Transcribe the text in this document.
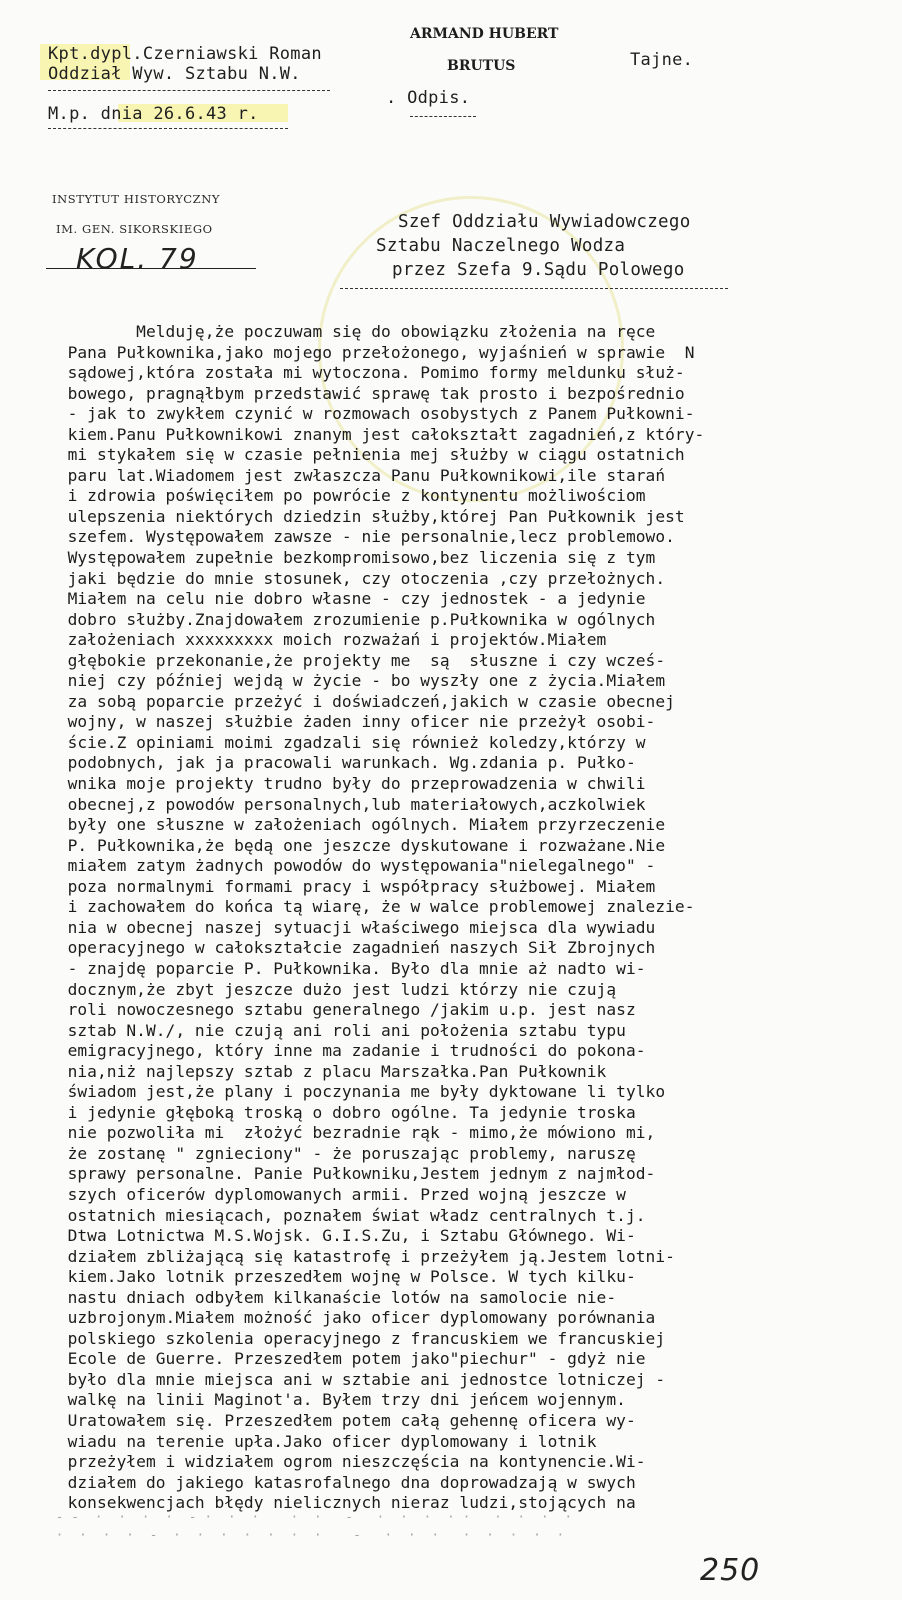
Kpt.dypl.Czerniawski Roman
Oddział Wyw. Sztabu N.W.
M.p. dnia 26.6.43 r.
ARMAND HUBERT
BRUTUS
. Odpis.
Tajne.
INSTYTUT HISTORYCZNY
IM. GEN. SIKORSKIEGO
KOL. 79
Szef Oddziału Wywiadowczego
Sztabu Naczelnego Wodza
przez Szefa 9.Sądu Polowego
Melduję,że poczuwam się do obowiązku złożenia na ręce
Pana Pułkownika,jako mojego przełożonego, wyjaśnień w sprawie  N
sądowej,która została mi wytoczona. Pomimo formy meldunku służ-
bowego, pragnąłbym przedstawić sprawę tak prosto i bezpośrednio
- jak to zwykłem czynić w rozmowach osobystych z Panem Pułkowni-
kiem.Panu Pułkownikowi znanym jest całokształt zagadnień,z który-
mi stykałem się w czasie pełnienia mej służby w ciągu ostatnich
paru lat.Wiadomem jest zwłaszcza Panu Pułkownikowi,ile starań
i zdrowia poświęciłem po powrócie z kontynentu możliwościom
ulepszenia niektórych dziedzin służby,której Pan Pułkownik jest
szefem. Występowałem zawsze - nie personalnie,lecz problemowo.
Występowałem zupełnie bezkompromisowo,bez liczenia się z tym
jaki będzie do mnie stosunek, czy otoczenia ,czy przełożnych.
Miałem na celu nie dobro własne - czy jednostek - a jedynie
dobro służby.Znajdowałem zrozumienie p.Pułkownika w ogólnych
założeniach xxxxxxxxx moich rozważań i projektów.Miałem
głębokie przekonanie,że projekty me  są  słuszne i czy wcześ-
niej czy później wejdą w życie - bo wyszły one z życia.Miałem
za sobą poparcie przeżyć i doświadczeń,jakich w czasie obecnej
wojny, w naszej służbie żaden inny oficer nie przeżył osobi-
ście.Z opiniami moimi zgadzali się również koledzy,którzy w
podobnych, jak ja pracowali warunkach. Wg.zdania p. Pułko-
wnika moje projekty trudno były do przeprowadzenia w chwili
obecnej,z powodów personalnych,lub materiałowych,aczkolwiek
były one słuszne w założeniach ogólnych. Miałem przyrzeczenie
P. Pułkownika,że będą one jeszcze dyskutowane i rozważane.Nie
miałem zatym żadnych powodów do występowania"nielegalnego" -
poza normalnymi formami pracy i współpracy służbowej. Miałem
i zachowałem do końca tą wiarę, że w walce problemowej znalezie-
nia w obecnej naszej sytuacji właściwego miejsca dla wywiadu
operacyjnego w całokształcie zagadnień naszych Sił Zbrojnych
- znajdę poparcie P. Pułkownika. Było dla mnie aż nadto wi-
docznym,że zbyt jeszcze dużo jest ludzi którzy nie czują
roli nowoczesnego sztabu generalnego /jakim u.p. jest nasz
sztab N.W./, nie czują ani roli ani położenia sztabu typu
emigracyjnego, który inne ma zadanie i trudności do pokona-
nia,niż najlepszy sztab z placu Marszałka.Pan Pułkownik
świadom jest,że plany i poczynania me były dyktowane li tylko
i jedynie głęboką troską o dobro ogólne. Ta jedynie troska
nie pozwoliła mi  złożyć bezradnie rąk - mimo,że mówiono mi,
że zostanę " zgnieciony" - że poruszając problemy, naruszę
sprawy personalne. Panie Pułkowniku,Jestem jednym z najmłod-
szych oficerów dyplomowanych armii. Przed wojną jeszcze w
ostatnich miesiącach, poznałem świat władz centralnych t.j.
Dtwa Lotnictwa M.S.Wojsk. G.I.S.Zu, i Sztabu Głównego. Wi-
działem zbliżającą się katastrofę i przeżyłem ją.Jestem lotni-
kiem.Jako lotnik przeszedłem wojnę w Polsce. W tych kilku-
nastu dniach odbyłem kilkanaście lotów na samolocie nie-
uzbrojonym.Miałem możność jako oficer dyplomowany porównania
polskiego szkolenia operacyjnego z francuskiem we francuskiej
Ecole de Guerre. Przeszedłem potem jako"piechur" - gdyż nie
było dla mnie miejsca ani w sztabie ani jednostce lotniczej -
walkę na linii Maginot'a. Byłem trzy dni jeńcem wojennym.
Uratowałem się. Przeszedłem potem całą gehennę oficera wy-
wiadu na terenie upła.Jako oficer dyplomowany i lotnik
przeżyłem i widziałem ogrom nieszczęścia na kontynencie.Wi-
działem do jakiego katasrofalnego dna doprowadzają w swych
konsekwencjach błędy nielicznych nieraz ludzi,stojących na
- -  ·  ·  ·  ·  - ·  ·  ·    ·  ·   -   ·  ·  ·  · ·   ·  ·  ·  ·
·  ·  ·  ·  -  ·  ·  ·  ·  ·  ·  ·    -   ·  ·  ·   ·  ·  ·  ·  ·
250
